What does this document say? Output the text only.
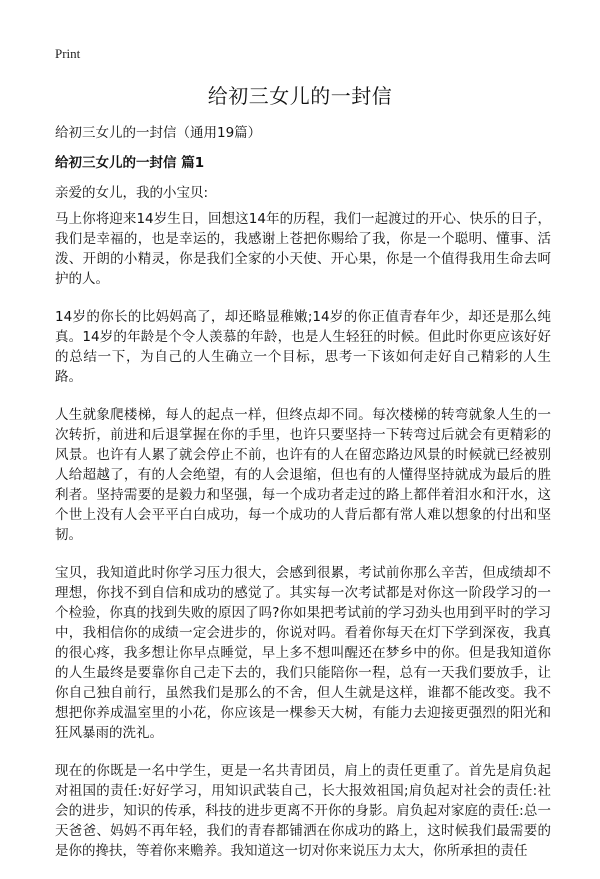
Print
给初三女儿的一封信
给初三女儿的一封信（通用19篇）
给初三女儿的一封信 篇1
亲爱的女儿，我的小宝贝:

马上你将迎来14岁生日，回想这14年的历程，我们一起渡过的开心、快乐的日子，我们是幸福的，也是幸运的，我感谢上苍把你赐给了我，你是一个聪明、懂事、活泼、开朗的小精灵，你是我们全家的小天使、开心果，你是一个值得我用生命去呵护的人。

14岁的你长的比妈妈高了，却还略显稚嫩;14岁的你正值青春年少，却还是那么纯真。14岁的年龄是个令人羡慕的年龄，也是人生轻狂的时候。但此时你更应该好好的总结一下，为自己的人生确立一个目标，思考一下该如何走好自己精彩的人生路。

人生就象爬楼梯，每人的起点一样，但终点却不同。每次楼梯的转弯就象人生的一次转折，前进和后退掌握在你的手里，也许只要坚持一下转弯过后就会有更精彩的风景。也许有人累了就会停止不前，也许有的人在留恋路边风景的时候就已经被别人给超越了，有的人会绝望，有的人会退缩，但也有的人懂得坚持就成为最后的胜利者。坚持需要的是毅力和坚强，每一个成功者走过的路上都伴着泪水和汗水，这个世上没有人会平平白白成功，每一个成功的人背后都有常人难以想象的付出和坚韧。

宝贝，我知道此时你学习压力很大，会感到很累，考试前你那么辛苦，但成绩却不理想，你找不到自信和成功的感觉了。其实每一次考试都是对你这一阶段学习的一个检验，你真的找到失败的原因了吗?你如果把考试前的学习劲头也用到平时的学习中，我相信你的成绩一定会进步的，你说对吗。看着你每天在灯下学到深夜，我真的很心疼，我多想让你早点睡觉，早上多不想叫醒还在梦乡中的你。但是我知道你的人生最终是要靠你自己走下去的，我们只能陪你一程，总有一天我们要放手，让你自己独自前行，虽然我们是那么的不舍，但人生就是这样，谁都不能改变。我不想把你养成温室里的小花，你应该是一棵参天大树，有能力去迎接更强烈的阳光和狂风暴雨的洗礼。

现在的你既是一名中学生，更是一名共青团员，肩上的责任更重了。首先是肩负起对祖国的责任:好好学习，用知识武装自己，长大报效祖国;肩负起对社会的责任:社会的进步，知识的传承，科技的进步更离不开你的身影。肩负起对家庭的责任:总一天爸爸、妈妈不再年轻，我们的青春都铺洒在你成功的路上，这时候我们最需要的是你的搀扶，等着你来赡养。我知道这一切对你来说压力太大，你所承担的责任
